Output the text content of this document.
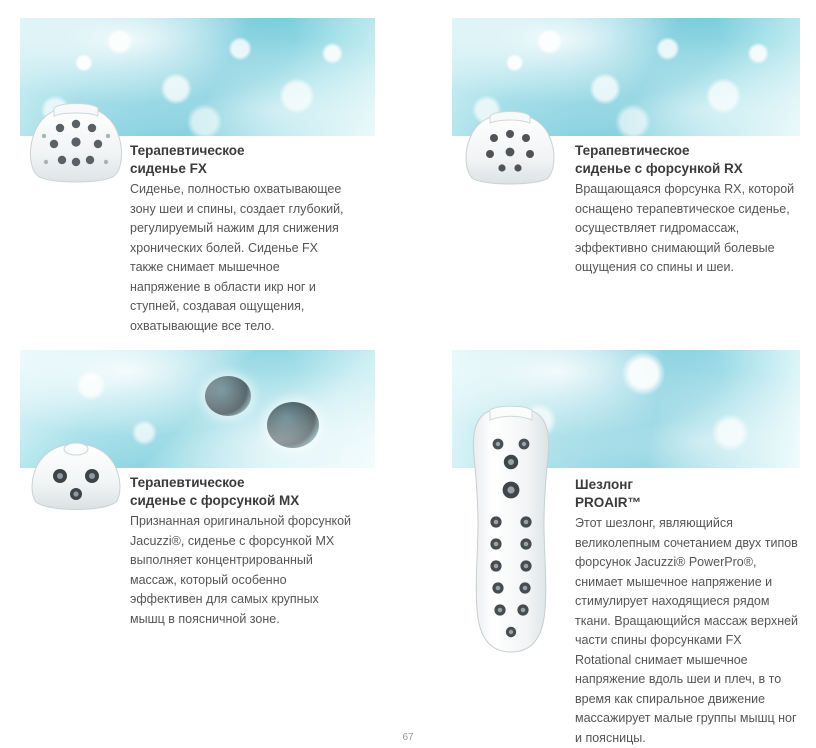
Терапевтическое
сиденье FX

Сиденье, полностью охватывающее зону шеи и спины, создает глубокий, регулируемый нажим для снижения хронических болей. Сиденье FX также снимает мышечное напряжение в области икр ног и ступней, создавая ощущения, охватывающие все тело.

Терапевтическое
сиденье с форсункой RX

Вращающаяся форсунка RX, которой оснащено терапевтическое сиденье, осуществляет гидромассаж, эффективно снимающий болевые ощущения со спины и шеи.

Терапевтическое
сиденье с форсункой MX

Признанная оригинальной форсункой Jacuzzi®, сиденье с форсункой MX выполняет концентрированный массаж, который особенно эффективен для самых крупных мышц в поясничной зоне.

Шезлонг
PROAIR™

Этот шезлонг, являющийся великолепным сочетанием двух типов форсунок Jacuzzi® PowerPro®, снимает мышечное напряжение и стимулирует находящиеся рядом ткани. Вращающийся массаж верхней части спины форсунками FX Rotational снимает мышечное напряжение вдоль шеи и плеч, в то время как спиральное движение массажирует малые группы мышц ног и поясницы.

67
